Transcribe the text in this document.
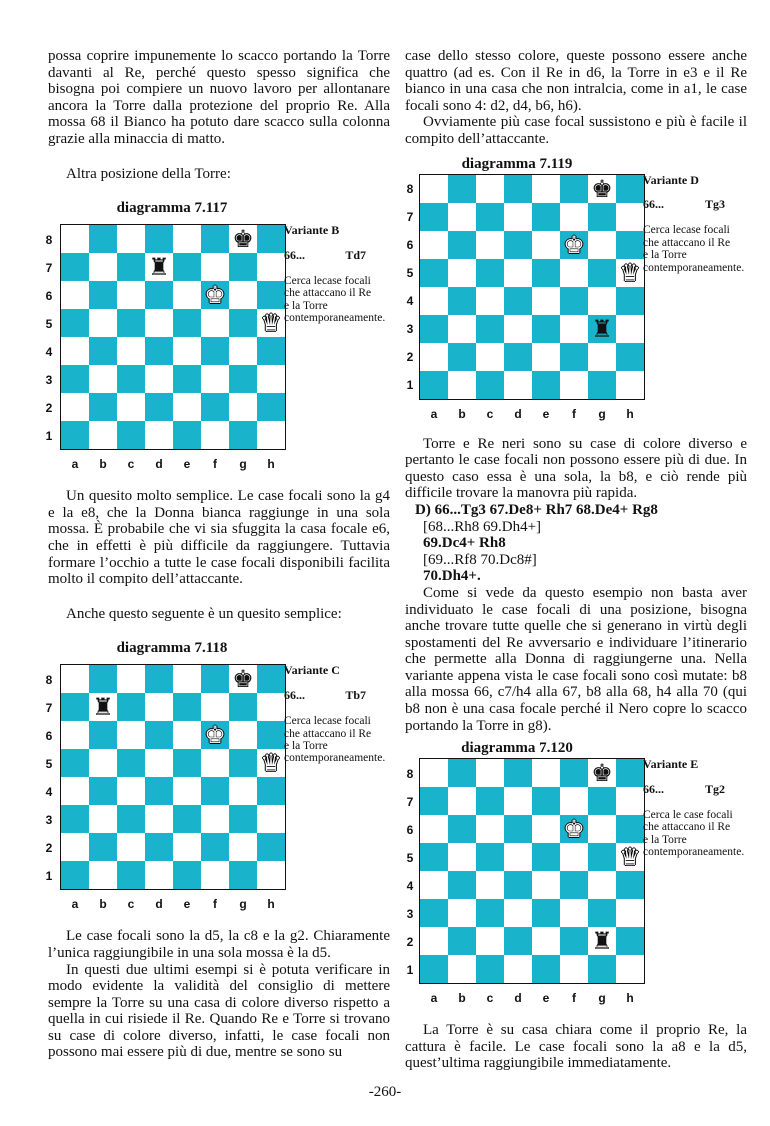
possa coprire impunemente lo scacco portando la Torre davanti al Re, perché questo spesso significa che bisogna poi compiere un nuovo lavoro per allontanare ancora la Torre dalla protezione del proprio Re. Alla mossa 68 il Bianco ha potuto dare scacco sulla colonna grazie alla minaccia di matto.

Altra posizione della Torre:

diagramma 7.117
8
7
6
5
4
3
2
1
♚
♜
♚
♛
a	b	c	d	e	f	g	h
Variante B
66...	Td7
Cerca lecase focali che attaccano il Re e la Torre contemporaneamente.

Un quesito molto semplice. Le case focali sono la g4 e la e8, che la Donna bianca raggiunge in una sola mossa. È probabile che vi sia sfuggita la casa focale e6, che in effetti è più difficile da raggiungere. Tuttavia formare l’occhio a tutte le case focali disponibili facilita molto il compito dell’attaccante.

Anche questo seguente è un quesito semplice:

diagramma 7.118
8
7
6
5
4
3
2
1
♚
♜
♚
♛
a	b	c	d	e	f	g	h
Variante C
66...	Tb7
Cerca lecase focali che attaccano il Re e la Torre contemporaneamente.

Le case focali sono la d5, la c8 e la g2. Chiaramente l’unica raggiungibile in una sola mossa è la d5.

In questi due ultimi esempi si è potuta verificare in modo evidente la validità del consiglio di mettere sempre la Torre su una casa di colore diverso rispetto a quella in cui risiede il Re. Quando Re e Torre si trovano su case di colore diverso, infatti, le case focali non possono mai essere più di due, mentre se sono su

case dello stesso colore, queste possono essere anche quattro (ad es. Con il Re in d6, la Torre in e3 e il Re bianco in una casa che non intralcia, come in a1, le case focali sono 4: d2, d4, b6, h6).

Ovviamente più case focal sussistono e più è facile il compito dell’attaccante.

diagramma 7.119
8
7
6
5
4
3
2
1
♚
♚
♛
♜
a	b	c	d	e	f	g	h
Variante D
66...	Tg3
Cerca lecase focali che attaccano il Re e la Torre contemporaneamente.

Torre e Re neri sono su case di colore diverso e pertanto le case focali non possono essere più di due. In questo caso essa è una sola, la b8, e ciò rende più difficile trovare la manovra più rapida.

D) 66...Tg3 67.De8+ Rh7 68.De4+ Rg8
[68...Rh8 69.Dh4+]
69.Dc4+ Rh8
[69...Rf8 70.Dc8#]
70.Dh4+.

Come si vede da questo esempio non basta aver individuato le case focali di una posizione, bisogna anche trovare tutte quelle che si generano in virtù degli spostamenti del Re avversario e individuare l’itinerario che permette alla Donna di raggiungerne una. Nella variante appena vista le case focali sono così mutate: b8 alla mossa 66, c7/h4 alla 67, b8 alla 68, h4 alla 70 (qui b8 non è una casa focale perché il Nero copre lo scacco portando la Torre in g8).

diagramma 7.120
8
7
6
5
4
3
2
1
♚
♚
♛
♜
a	b	c	d	e	f	g	h
Variante E
66...	Tg2
Cerca le case focali che attaccano il Re e la Torre contemporaneamente.

La Torre è su casa chiara come il proprio Re, la cattura è facile. Le case focali sono la a8 e la d5, quest’ultima raggiungibile immediatamente.

-260-
